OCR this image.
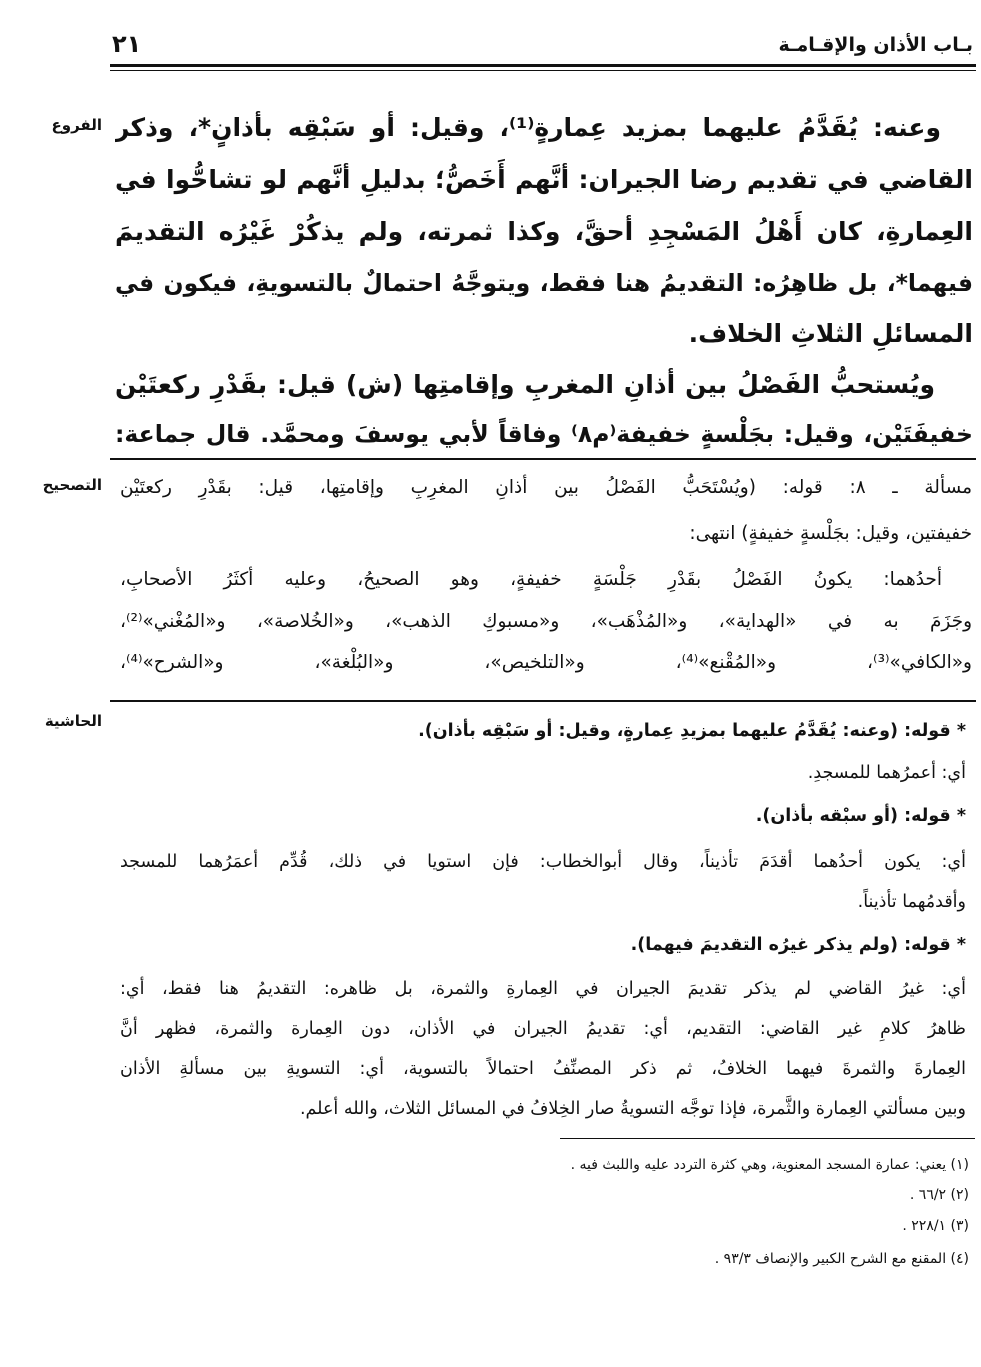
٢١	بـاب الأذان والإقـامـة
الفروع
التصحيح
الحاشية
وعنه: يُقَدَّمُ عليهما بمزيد عِمارةٍ⁽¹⁾، وقيل: أو سَبْقِه بأذانٍ*، وذكر
القاضي في تقديم رضا الجيران: أنَّهم أَخَصُّ؛ بدليلِ أنَّهم لو تشاحُّوا في
العِمارةِ، كان أَهْلُ المَسْجِدِ أحقَّ، وكذا ثمرته، ولم يذكُرْ غَيْرُه التقديمَ
فيهما*، بل ظاهِرُه: التقديمُ هنا فقط، ويتوجَّهُ احتمالٌ بالتسويةِ، فيكون في
المسائلِ الثلاثِ الخلاف.
ويُستحبُّ الفَصْلُ بين أذانِ المغربِ وإقامتِها (ش) قيل: بقَدْرِ ركعتَيْن
خفيفَتَيْن، وقيل: بجَلْسةٍ خفيفة⁽م٨⁾ وفاقاً لأبي يوسفَ ومحمَّد. قال جماعة:
مسألة ـ ٨: قوله: (ويُسْتَحَبُّ الفَصْلُ بين أذانِ المغرِبِ وإقامتِها، قيل: بقَدْرِ ركعتَيْن
خفيفتين، وقيل: بجَلْسةٍ خفيفةٍ) انتهى:
أحدُهما: يكونُ الفَصْلُ بقَدْرِ جَلْسَةٍ خفيفةٍ، وهو الصحيحُ، وعليه أكثَرُ الأصحابِ،
وجَزَمَ به في «الهداية»، و«المُذْهَب»، و«مسبوكِ الذهب»، و«الخُلاصة»، و«المُغْني»⁽²⁾،
و«الكافي»⁽³⁾، و«المُقْنع»⁽⁴⁾، و«التلخيص»، و«البُلْغة»، و«الشرح»⁽⁴⁾،
* قوله: (وعنه: يُقَدَّمُ عليهما بمزيدِ عِمارةٍ، وقيل: أو سَبْقِه بأذان).
أي: أعمرُهما للمسجدِ.
* قوله: (أو سبْقه بأذان).
أي: يكون أحدُهما أقدَمَ تأذيناً، وقال أبوالخطاب: فإن استويا في ذلك، قُدِّم أعمَرُهما للمسجد
وأقدمُهما تأذيناً.
* قوله: (ولم يذكر غيرُه التقديمَ فيهما).
أي: غيرُ القاضي لم يذكر تقديمَ الجيران في العِمارةِ والثمرة، بل ظاهره: التقديمُ هنا فقط، أي:
ظاهرُ كلامِ غير القاضي: التقديم، أي: تقديمُ الجيران في الأذان، دون العِمارة والثمرة، فظهر أنَّ
العِمارةَ والثمرةَ فيهما الخلافُ، ثم ذكر المصنِّفُ احتمالاً بالتسوية، أي: التسويةِ بين مسألةِ الأذان
وبين مسألتي العِمارة والثَّمرة، فإذا توجَّه التسويةُ صار الخِلافُ في المسائل الثلاث، والله أعلم.
(١) يعني: عمارة المسجد المعنوية، وهي كثرة التردد عليه واللبث فيه .
(٢) ٦٦/٢ .
(٣) ٢٢٨/١ .
(٤) المقنع مع الشرح الكبير والإنصاف ٩٣/٣ .
